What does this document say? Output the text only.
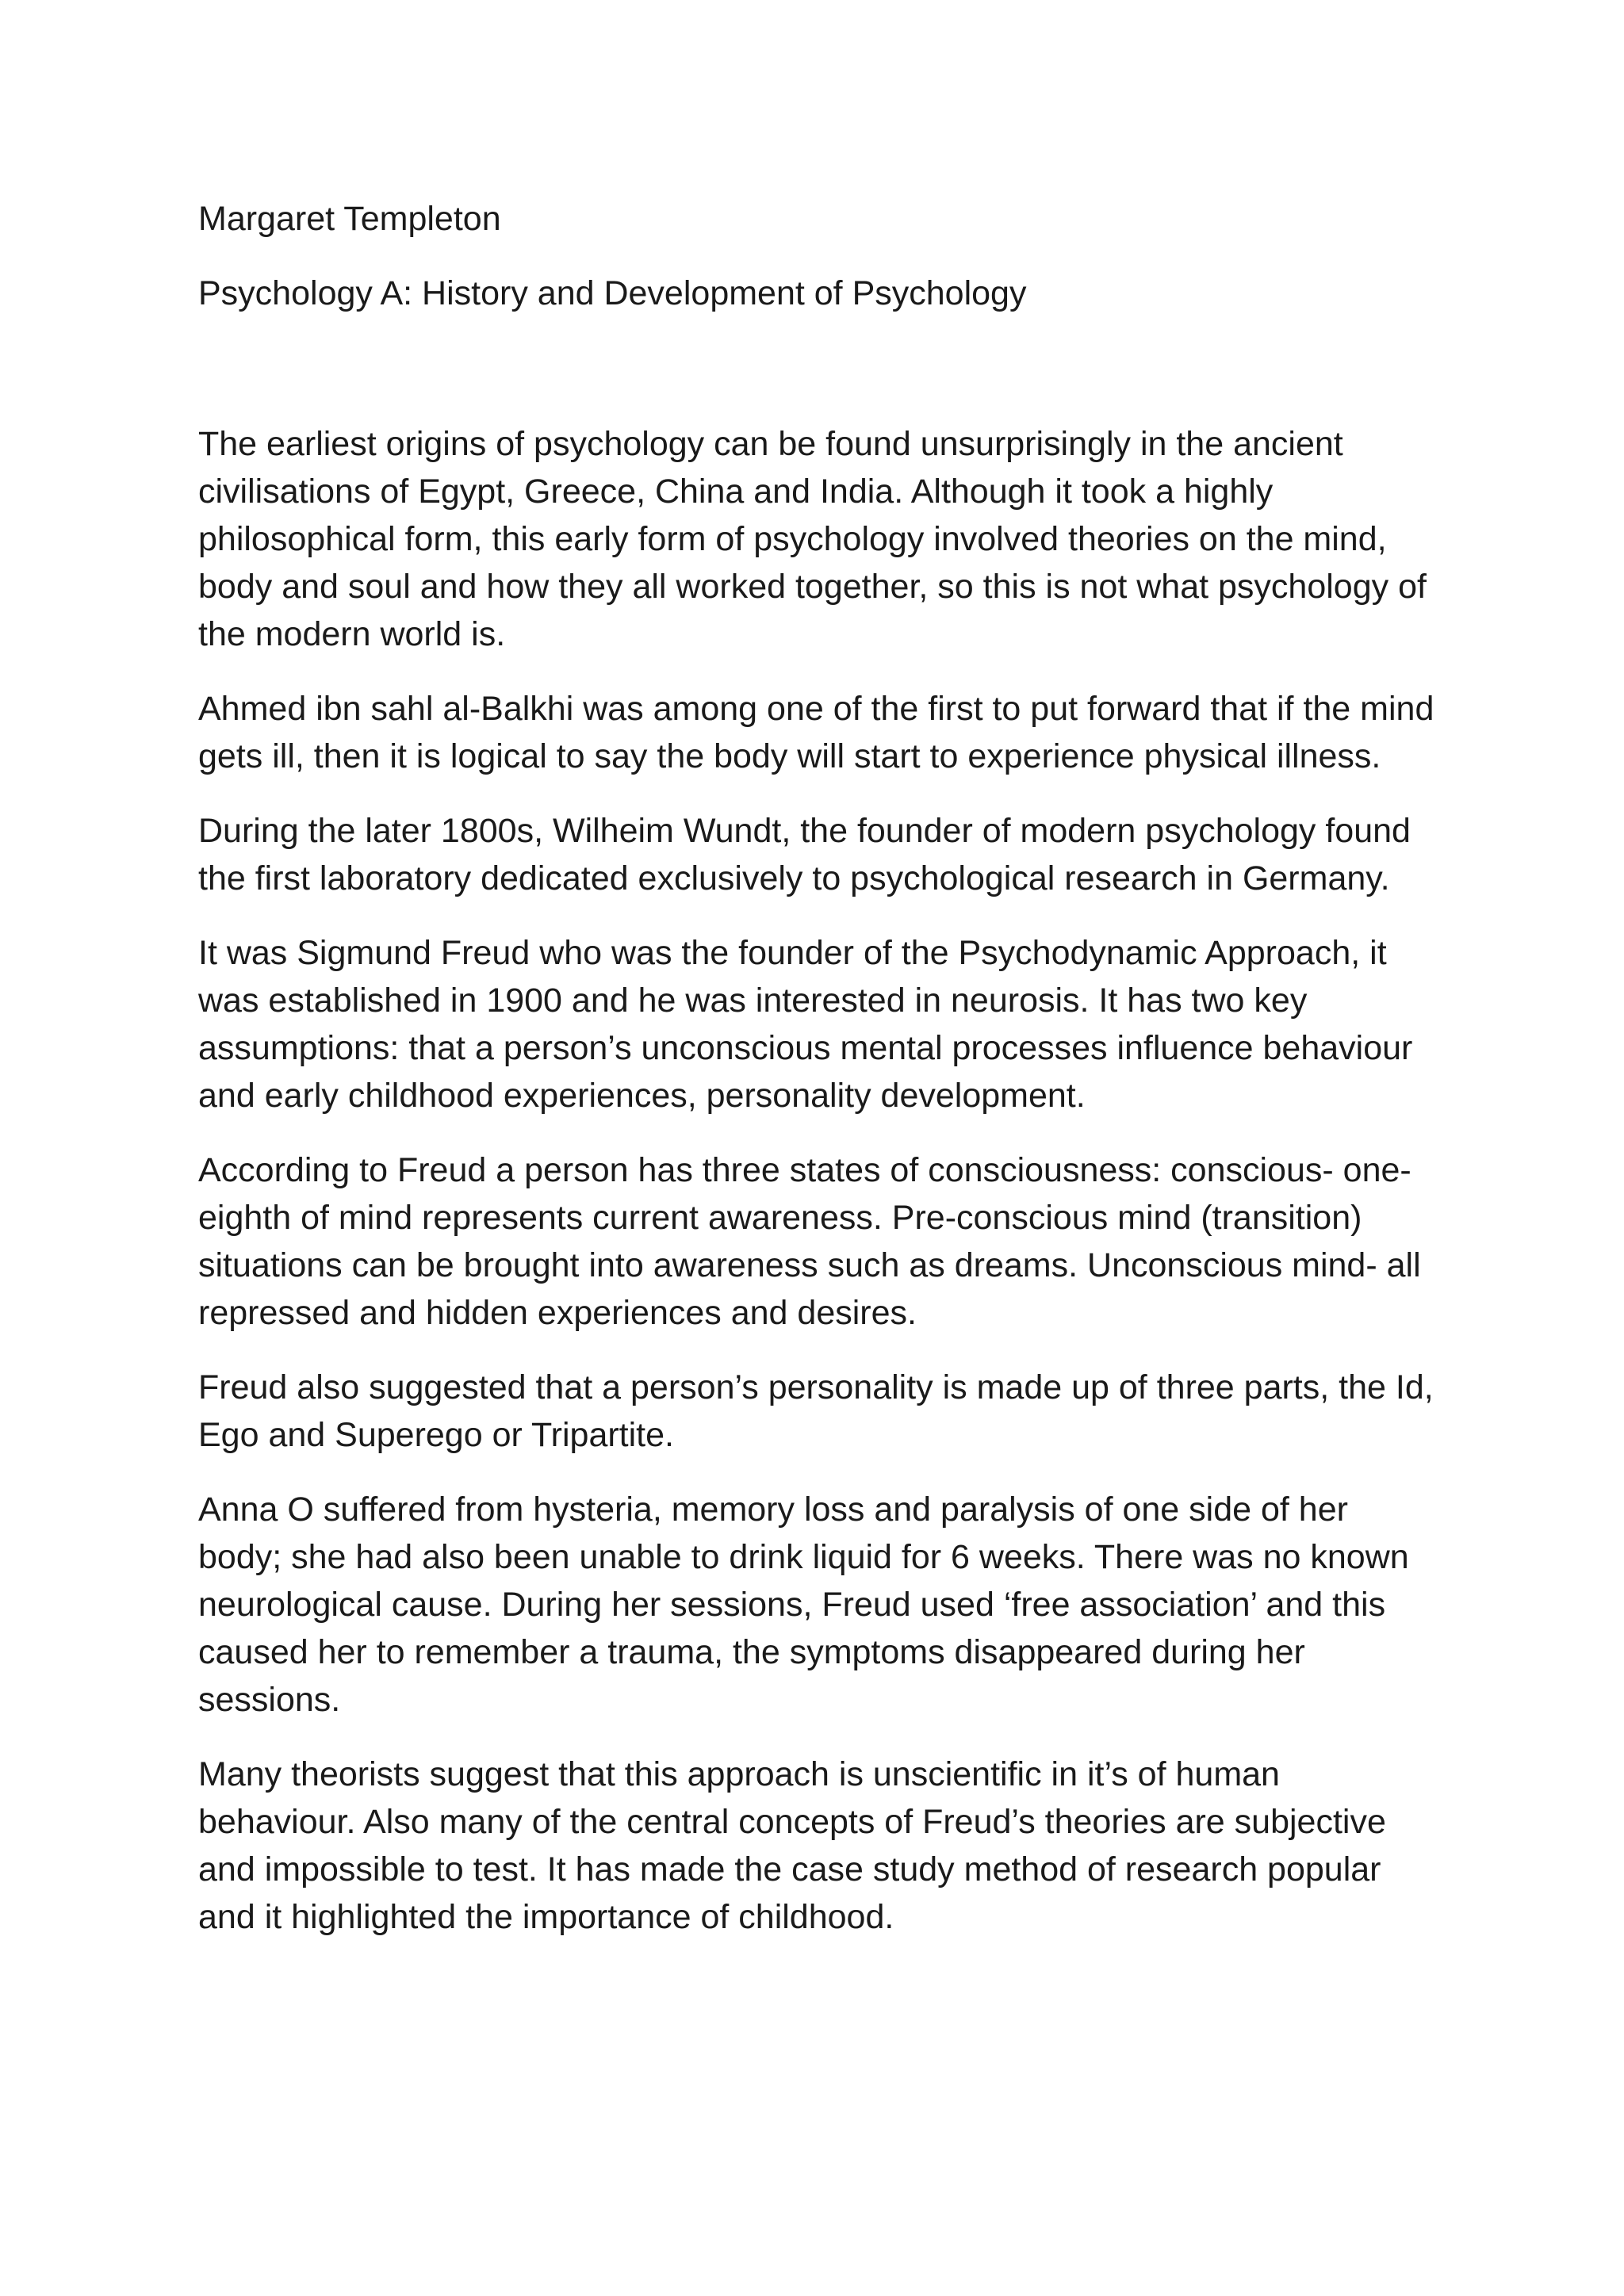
Margaret Templeton
Psychology A: History and Development of Psychology

The earliest origins of psychology can be found unsurprisingly in the ancient civilisations of Egypt, Greece, China and India. Although it took a highly philosophical form, this early form of psychology involved theories on the mind, body and soul and how they all worked together, so this is not what psychology of the modern world is.

Ahmed ibn sahl al-Balkhi was among one of the first to put forward that if the mind gets ill, then it is logical to say the body will start to experience physical illness.

During the later 1800s, Wilheim Wundt, the founder of modern psychology found the first laboratory dedicated exclusively to psychological research in Germany.

It was Sigmund Freud who was the founder of the Psychodynamic Approach, it was established in 1900 and he was interested in neurosis. It has two key assumptions: that a person’s unconscious mental processes influence behaviour and early childhood experiences, personality development.

According to Freud a person has three states of consciousness: conscious- one-eighth of mind represents current awareness. Pre-conscious mind (transition) situations can be brought into awareness such as dreams. Unconscious mind- all repressed and hidden experiences and desires.

Freud also suggested that a person’s personality is made up of three parts, the Id, Ego and Superego or Tripartite.

Anna O suffered from hysteria, memory loss and paralysis of one side of her body; she had also been unable to drink liquid for 6 weeks. There was no known neurological cause. During her sessions, Freud used ‘free association’ and this caused her to remember a trauma, the symptoms disappeared during her sessions.

Many theorists suggest that this approach is unscientific in it’s of human behaviour. Also many of the central concepts of Freud’s theories are subjective and impossible to test. It has made the case study method of research popular and it highlighted the importance of childhood.
